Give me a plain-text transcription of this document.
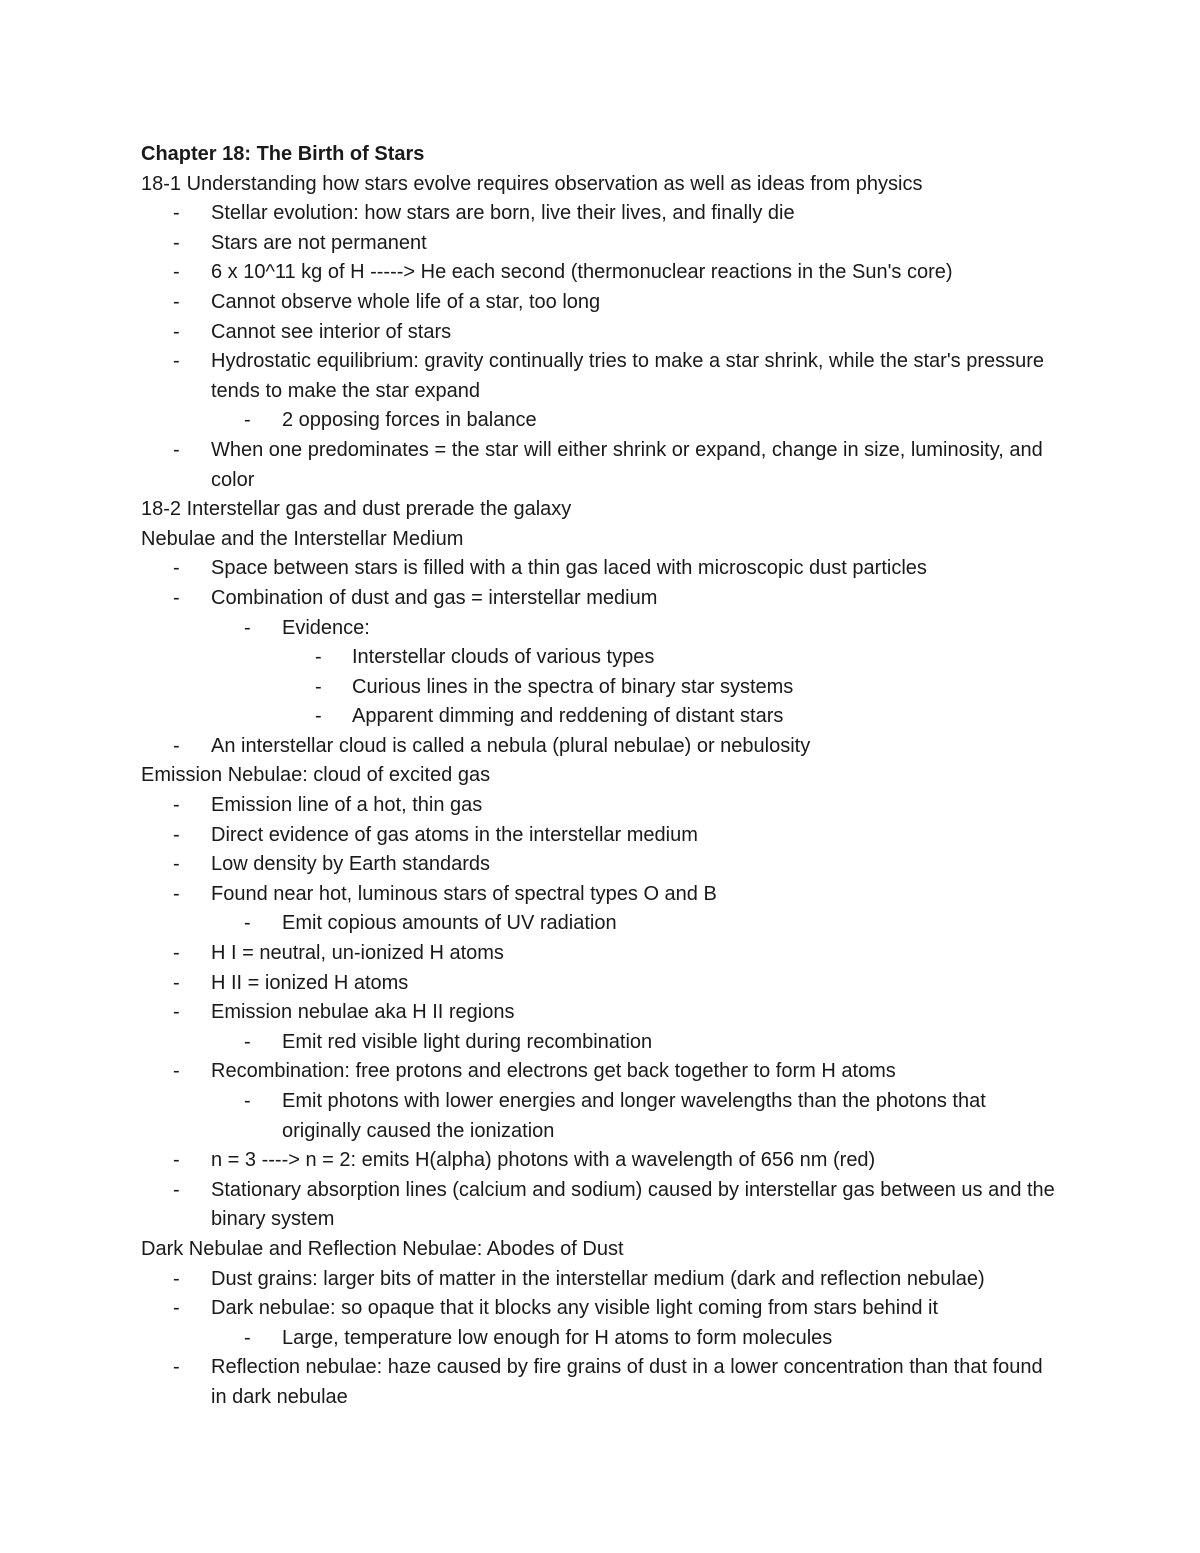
Chapter 18: The Birth of Stars
18-1 Understanding how stars evolve requires observation as well as ideas from physics
- Stellar evolution: how stars are born, live their lives, and finally die
- Stars are not permanent
- 6 x 10^11 kg of H -----> He each second (thermonuclear reactions in the Sun's core)
- Cannot observe whole life of a star, too long
- Cannot see interior of stars
- Hydrostatic equilibrium: gravity continually tries to make a star shrink, while the star's pressure tends to make the star expand
- 2 opposing forces in balance
- When one predominates = the star will either shrink or expand, change in size, luminosity, and color
18-2 Interstellar gas and dust prerade the galaxy
Nebulae and the Interstellar Medium
- Space between stars is filled with a thin gas laced with microscopic dust particles
- Combination of dust and gas = interstellar medium
- Evidence:
- Interstellar clouds of various types
- Curious lines in the spectra of binary star systems
- Apparent dimming and reddening of distant stars
- An interstellar cloud is called a nebula (plural nebulae) or nebulosity
Emission Nebulae: cloud of excited gas
- Emission line of a hot, thin gas
- Direct evidence of gas atoms in the interstellar medium
- Low density by Earth standards
- Found near hot, luminous stars of spectral types O and B
- Emit copious amounts of UV radiation
- H I = neutral, un-ionized H atoms
- H II = ionized H atoms
- Emission nebulae aka H II regions
- Emit red visible light during recombination
- Recombination: free protons and electrons get back together to form H atoms
- Emit photons with lower energies and longer wavelengths than the photons that originally caused the ionization
- n = 3 ----> n = 2: emits H(alpha) photons with a wavelength of 656 nm (red)
- Stationary absorption lines (calcium and sodium) caused by interstellar gas between us and the binary system
Dark Nebulae and Reflection Nebulae: Abodes of Dust
- Dust grains: larger bits of matter in the interstellar medium (dark and reflection nebulae)
- Dark nebulae: so opaque that it blocks any visible light coming from stars behind it
- Large, temperature low enough for H atoms to form molecules
- Reflection nebulae: haze caused by fire grains of dust in a lower concentration than that found in dark nebulae
